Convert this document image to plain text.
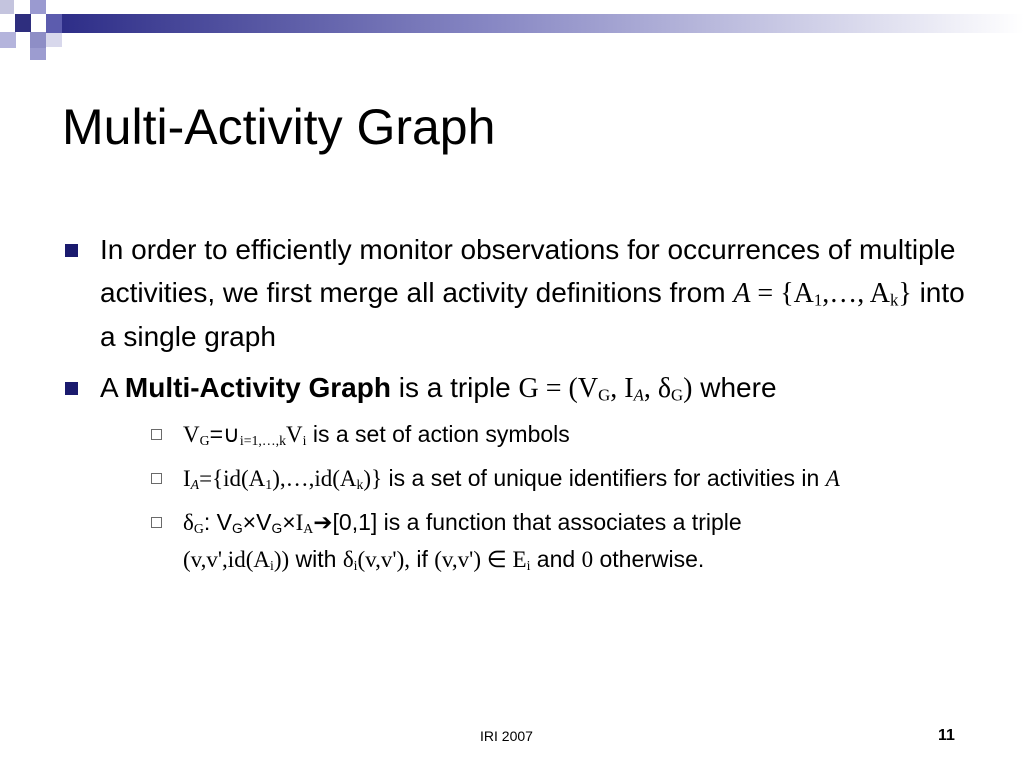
Multi-Activity Graph
In order to efficiently monitor observations for occurrences of multiple activities, we first merge all activity definitions from $A = \{A_1,\dots$, $A_k$} into a single graph
A Multi-Activity Graph is a triple $G = (V_G$, $I_A$, $\delta_G$) where
$V_G=\cup_{i=1,\dots,k}V_i$ is a set of action symbols
$I_A=\{id(A_1),\dots,id(A_k)\}$ is a set of unique identifiers for activities in A
$\delta_G$: $V_G\times V_G\times I_A➔[0,1]$ is a function that associates a triple
$(v,v',id(A_i))$ with $\delta_i(v,v')$, if (v,v') ∈ $E_i$ and 0 otherwise.
IRI 2007	11
